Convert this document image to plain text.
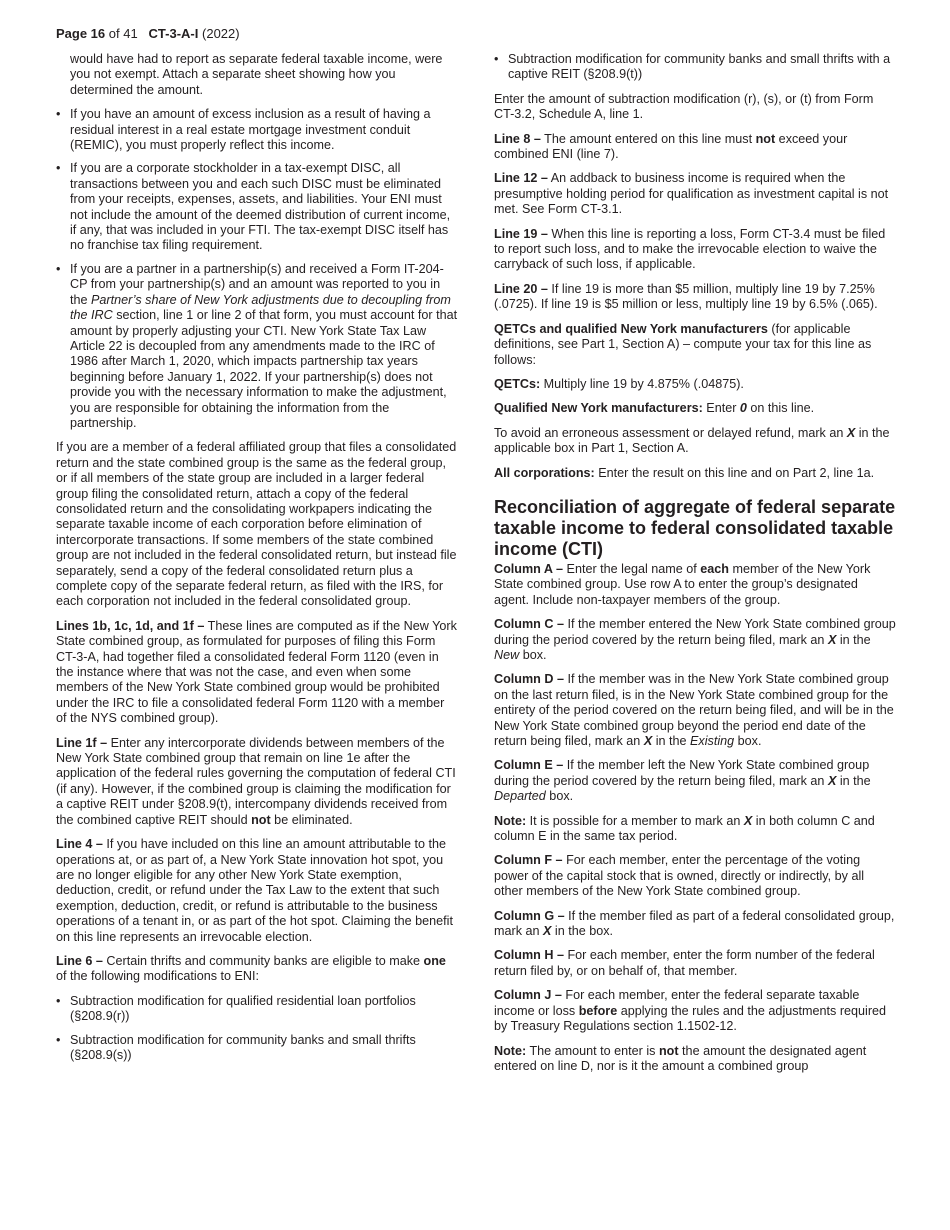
Page 16 of 41 CT-3-A-I (2022)

would have had to report as separate federal taxable income, were you not exempt. Attach a separate sheet showing how you determined the amount.

• If you have an amount of excess inclusion as a result of having a residual interest in a real estate mortgage investment conduit (REMIC), you must properly reflect this income.
• If you are a corporate stockholder in a tax-exempt DISC, all transactions between you and each such DISC must be eliminated from your receipts, expenses, assets, and liabilities. Your ENI must not include the amount of the deemed distribution of current income, if any, that was included in your FTI. The tax-exempt DISC itself has no franchise tax filing requirement.
• If you are a partner in a partnership(s) and received a Form IT-204-CP from your partnership(s) and an amount was reported to you in the Partner’s share of New York adjustments due to decoupling from the IRC section, line 1 or line 2 of that form, you must account for that amount by properly adjusting your CTI. New York State Tax Law Article 22 is decoupled from any amendments made to the IRC of 1986 after March 1, 2020, which impacts partnership tax years beginning before January 1, 2022. If your partnership(s) does not provide you with the necessary information to make the adjustment, you are responsible for obtaining the information from the partnership.

If you are a member of a federal affiliated group that files a consolidated return and the state combined group is the same as the federal group, or if all members of the state group are included in a larger federal group filing the consolidated return, attach a copy of the federal consolidated return and the consolidating workpapers indicating the separate taxable income of each corporation before elimination of intercorporate transactions. If some members of the state combined group are not included in the federal consolidated return, but instead file separately, send a copy of the federal consolidated return plus a complete copy of the separate federal return, as filed with the IRS, for each corporation not included in the federal consolidated group.

Lines 1b, 1c, 1d, and 1f – These lines are computed as if the New York State combined group, as formulated for purposes of filing this Form CT-3-A, had together filed a consolidated federal Form 1120 (even in the instance where that was not the case, and even when some members of the New York State combined group would be prohibited under the IRC to file a consolidated federal Form 1120 with a member of the NYS combined group).

Line 1f – Enter any intercorporate dividends between members of the New York State combined group that remain on line 1e after the application of the federal rules governing the computation of federal CTI (if any). However, if the combined group is claiming the modification for a captive REIT under §208.9(t), intercompany dividends received from the combined captive REIT should not be eliminated.

Line 4 – If you have included on this line an amount attributable to the operations at, or as part of, a New York State innovation hot spot, you are no longer eligible for any other New York State exemption, deduction, credit, or refund under the Tax Law to the extent that such exemption, deduction, credit, or refund is attributable to the business operations of a tenant in, or as part of the hot spot. Claiming the benefit on this line represents an irrevocable election.

Line 6 – Certain thrifts and community banks are eligible to make one of the following modifications to ENI:

• Subtraction modification for qualified residential loan portfolios (§208.9(r))
• Subtraction modification for community banks and small thrifts (§208.9(s))
• Subtraction modification for community banks and small thrifts with a captive REIT (§208.9(t))

Enter the amount of subtraction modification (r), (s), or (t) from Form CT-3.2, Schedule A, line 1.

Line 8 – The amount entered on this line must not exceed your combined ENI (line 7).

Line 12 – An addback to business income is required when the presumptive holding period for qualification as investment capital is not met. See Form CT-3.1.

Line 19 – When this line is reporting a loss, Form CT-3.4 must be filed to report such loss, and to make the irrevocable election to waive the carryback of such loss, if applicable.

Line 20 – If line 19 is more than $5 million, multiply line 19 by 7.25% (.0725). If line 19 is $5 million or less, multiply line 19 by 6.5% (.065).

QETCs and qualified New York manufacturers (for applicable definitions, see Part 1, Section A) – compute your tax for this line as follows:

QETCs: Multiply line 19 by 4.875% (.04875).

Qualified New York manufacturers: Enter 0 on this line.

To avoid an erroneous assessment or delayed refund, mark an X in the applicable box in Part 1, Section A.

All corporations: Enter the result on this line and on Part 2, line 1a.

Reconciliation of aggregate of federal separate taxable income to federal consolidated taxable income (CTI)

Column A – Enter the legal name of each member of the New York State combined group. Use row A to enter the group’s designated agent. Include non-taxpayer members of the group.

Column C – If the member entered the New York State combined group during the period covered by the return being filed, mark an X in the New box.

Column D – If the member was in the New York State combined group on the last return filed, is in the New York State combined group for the entirety of the period covered on the return being filed, and will be in the New York State combined group beyond the period end date of the return being filed, mark an X in the Existing box.

Column E – If the member left the New York State combined group during the period covered by the return being filed, mark an X in the Departed box.

Note: It is possible for a member to mark an X in both column C and column E in the same tax period.

Column F – For each member, enter the percentage of the voting power of the capital stock that is owned, directly or indirectly, by all other members of the New York State combined group.

Column G – If the member filed as part of a federal consolidated group, mark an X in the box.

Column H – For each member, enter the form number of the federal return filed by, or on behalf of, that member.

Column J – For each member, enter the federal separate taxable income or loss before applying the rules and the adjustments required by Treasury Regulations section 1.1502-12.

Note: The amount to enter is not the amount the designated agent entered on line D, nor is it the amount a combined group
